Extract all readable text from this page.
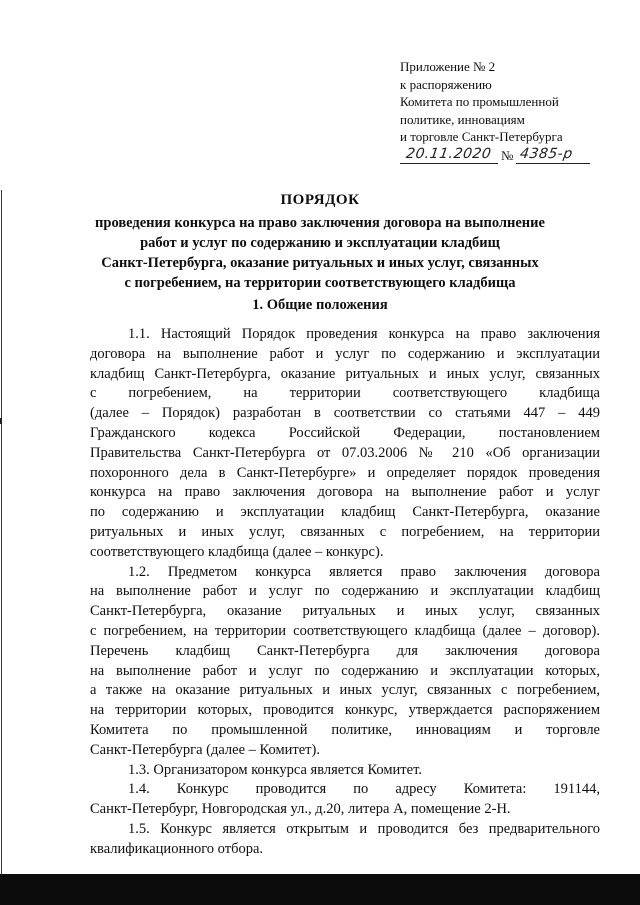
Приложение № 2
к распоряжению
Комитета по промышленной
политике, инновациям
и торговле Санкт-Петербурга
20.11.2020 № 4385-р
ПОРЯДОК
проведения конкурса на право заключения договора на выполнение
работ и услуг по содержанию и эксплуатации кладбищ
Санкт-Петербурга, оказание ритуальных и иных услуг, связанных
с погребением, на территории соответствующего кладбища
1. Общие положения
1.1. Настоящий Порядок проведения конкурса на право заключения
договора на выполнение работ и услуг по содержанию и эксплуатации
кладбищ Санкт-Петербурга, оказание ритуальных и иных услуг, связанных
с погребением, на территории соответствующего кладбища
(далее – Порядок) разработан в соответствии со статьями 447 – 449
Гражданского кодекса Российской Федерации, постановлением
Правительства Санкт-Петербурга от 07.03.2006 № 210 «Об организации
похоронного дела в Санкт-Петербурге» и определяет порядок проведения
конкурса на право заключения договора на выполнение работ и услуг
по содержанию и эксплуатации кладбищ Санкт-Петербурга, оказание
ритуальных и иных услуг, связанных с погребением, на территории
соответствующего кладбища (далее – конкурс).
1.2. Предметом конкурса является право заключения договора
на выполнение работ и услуг по содержанию и эксплуатации кладбищ
Санкт-Петербурга, оказание ритуальных и иных услуг, связанных
с погребением, на территории соответствующего кладбища (далее – договор).
Перечень кладбищ Санкт-Петербурга для заключения договора
на выполнение работ и услуг по содержанию и эксплуатации которых,
а также на оказание ритуальных и иных услуг, связанных с погребением,
на территории которых, проводится конкурс, утверждается распоряжением
Комитета по промышленной политике, инновациям и торговле
Санкт-Петербурга (далее – Комитет).
1.3. Организатором конкурса является Комитет.
1.4. Конкурс проводится по адресу Комитета: 191144,
Санкт-Петербург, Новгородская ул., д.20, литера А, помещение 2-Н.
1.5. Конкурс является открытым и проводится без предварительного
квалификационного отбора.
